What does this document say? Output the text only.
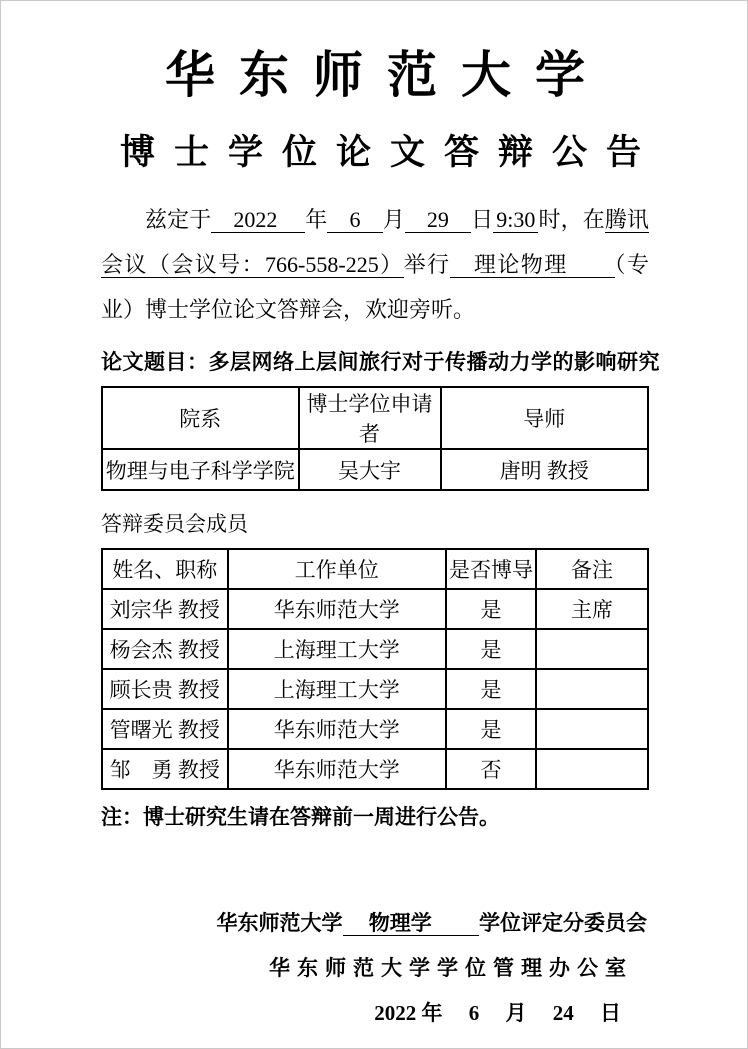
华东师范大学
博士学位论文答辩公告

兹定于　2022　 年　6　月　29　日 9:30 时，在腾讯会议（会议号：766-558-225）举行　理论物理　　（专业）博士学位论文答辩会，欢迎旁听。

论文题目：多层网络上层间旅行对于传播动力学的影响研究
院系	博士学位申请者	导师
物理与电子科学学院	吴大宇	唐明 教授
答辩委员会成员
姓名、职称	工作单位	是否博导	备注
刘宗华 教授	华东师范大学	是	主席
杨会杰 教授	上海理工大学	是	
顾长贵 教授	上海理工大学	是	
管曙光 教授	华东师范大学	是	
邹　勇 教授	华东师范大学	否	
注：博士研究生请在答辩前一周进行公告。
华东师范大学　 物理学 　　学位评定分委员会
华东师范大学学位管理办公室
2022 年　 6　 月　 24　 日
